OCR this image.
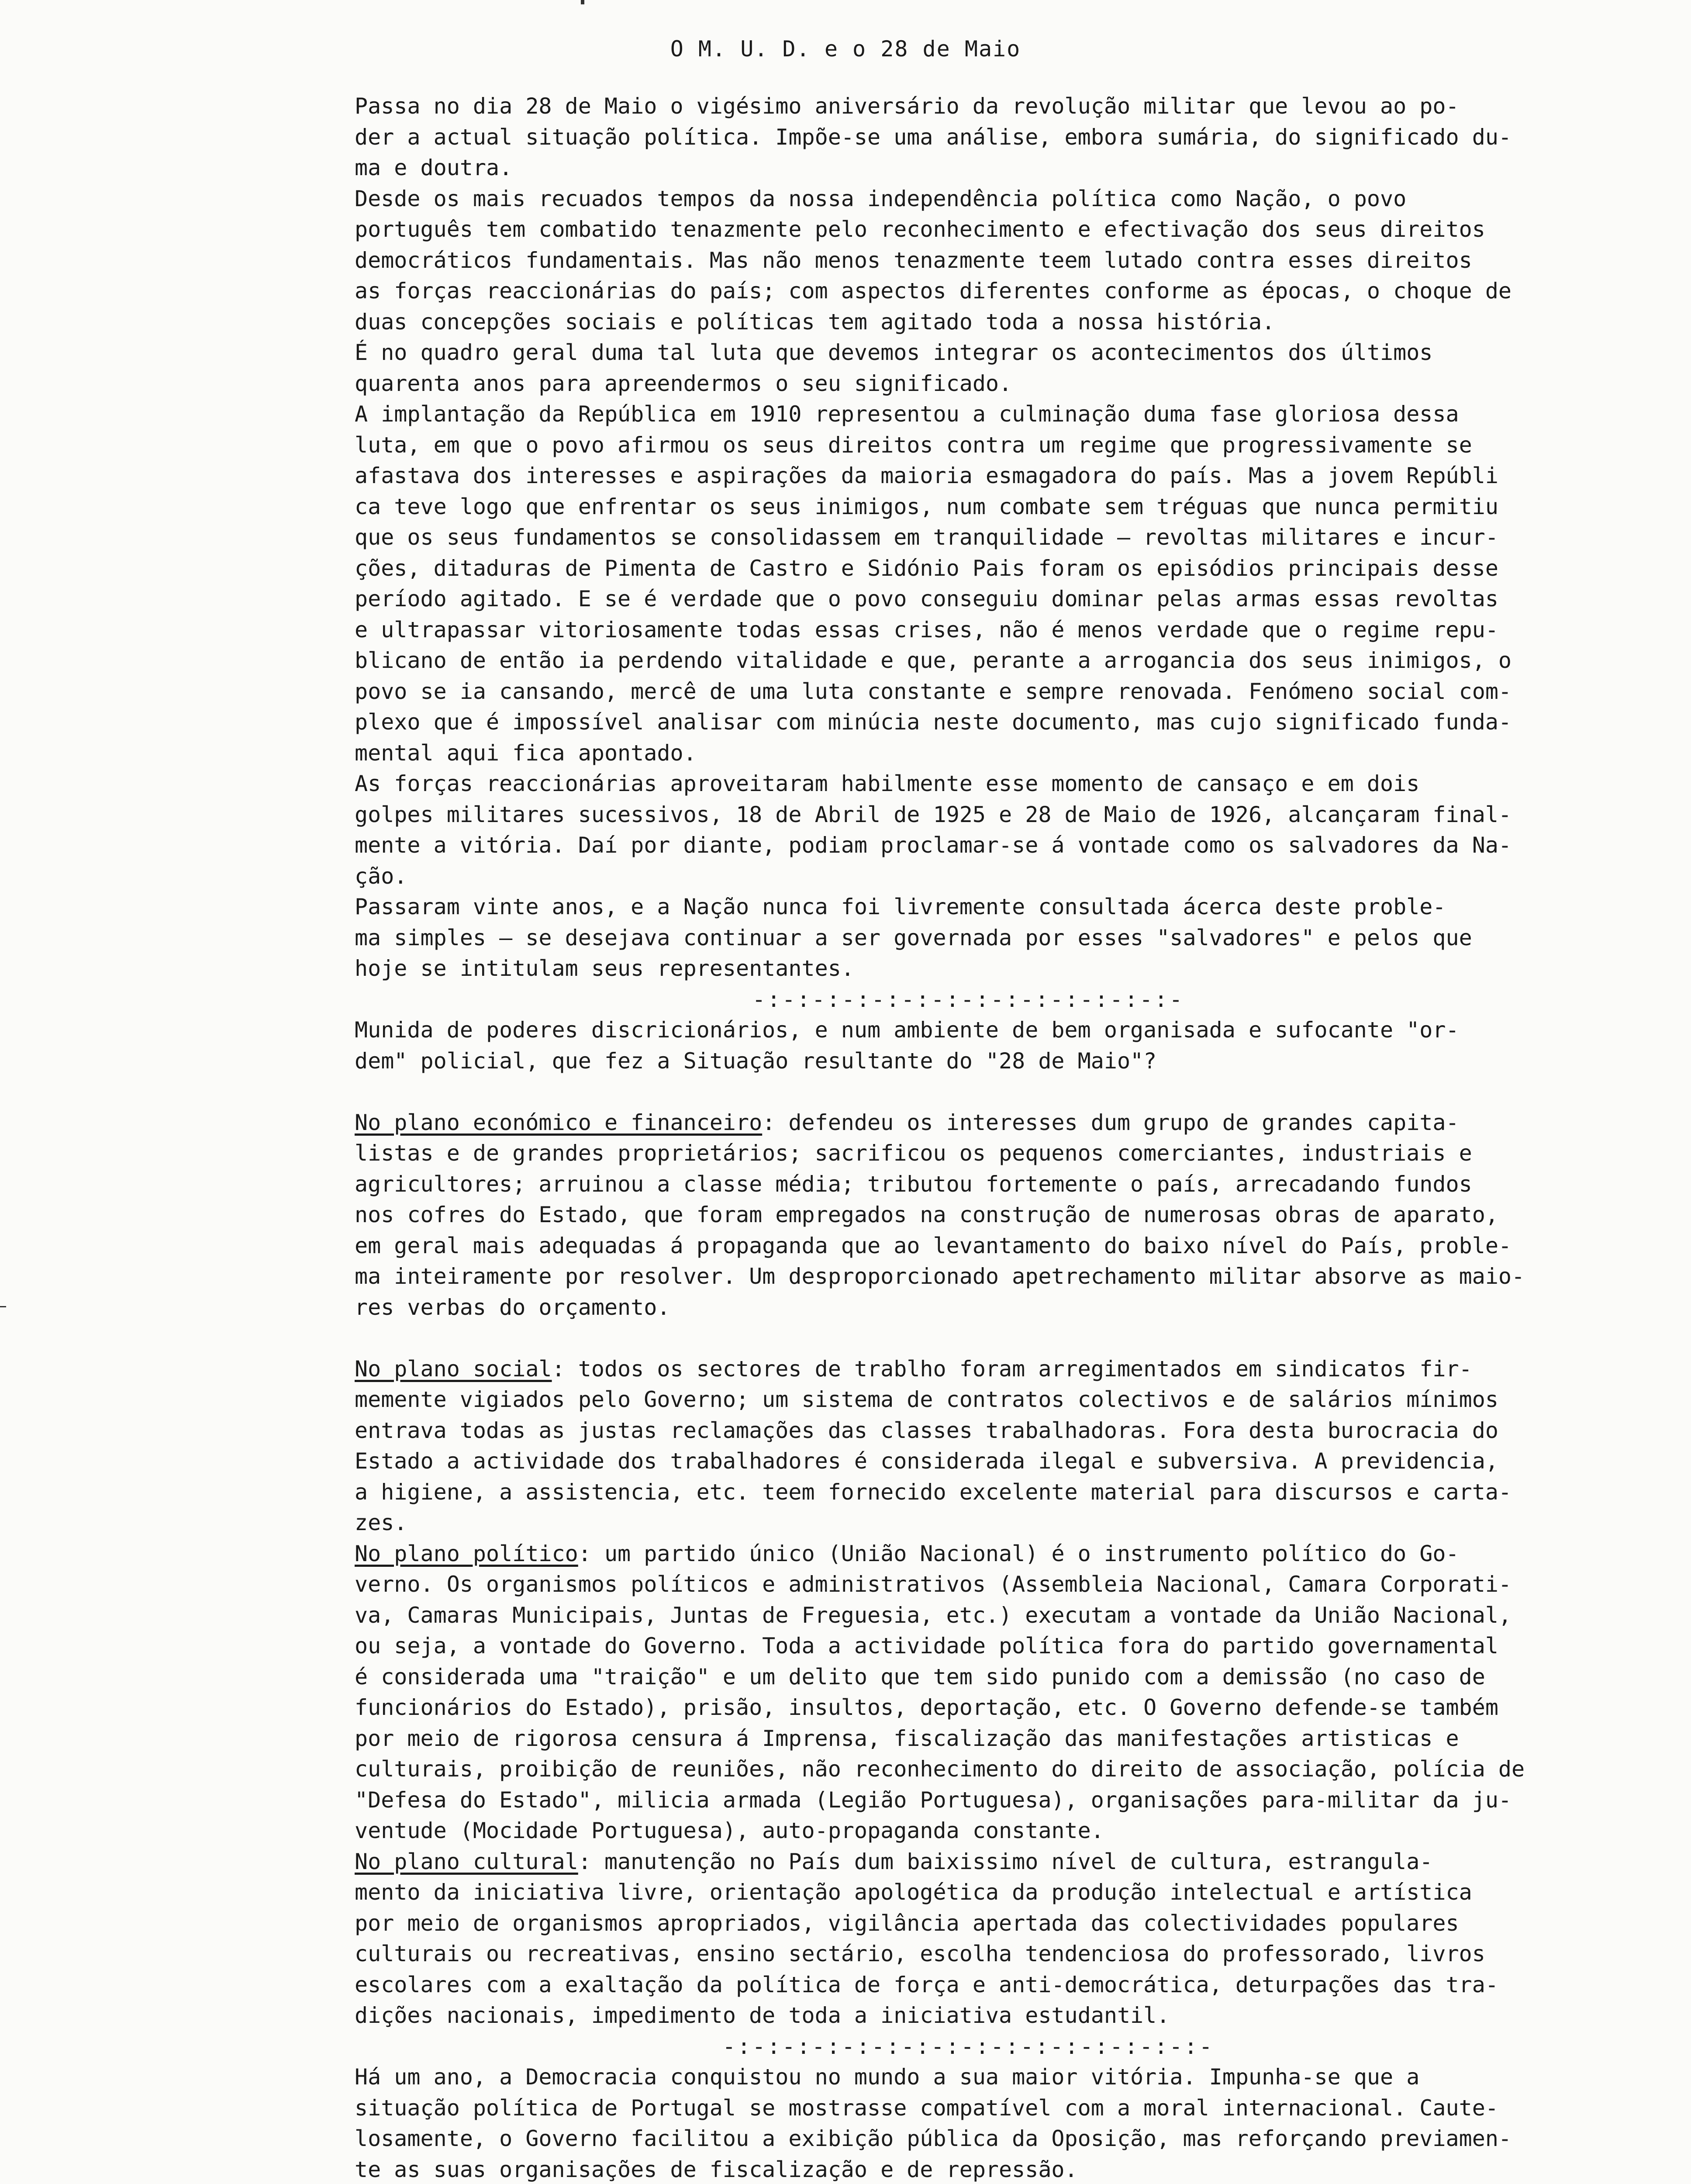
O M. U. D. e o 28 de Maio
Passa no dia 28 de Maio o vigésimo aniversário da revolução militar que levou ao po-
der a actual situação política. Impõe-se uma análise, embora sumária, do significado du-
ma e doutra.
Desde os mais recuados tempos da nossa independência política como Nação, o povo
português tem combatido tenazmente pelo reconhecimento e efectivação dos seus direitos
democráticos fundamentais. Mas não menos tenazmente teem lutado contra esses direitos
as forças reaccionárias do país; com aspectos diferentes conforme as épocas, o choque de
duas concepções sociais e políticas tem agitado toda a nossa história.
É no quadro geral duma tal luta que devemos integrar os acontecimentos dos últimos
quarenta anos para apreendermos o seu significado.
A implantação da República em 1910 representou a culminação duma fase gloriosa dessa
luta, em que o povo afirmou os seus direitos contra um regime que progressivamente se
afastava dos interesses e aspirações da maioria esmagadora do país. Mas a jovem Repúbli
ca teve logo que enfrentar os seus inimigos, num combate sem tréguas que nunca permitiu
que os seus fundamentos se consolidassem em tranquilidade — revoltas militares e incur-
ções, ditaduras de Pimenta de Castro e Sidónio Pais foram os episódios principais desse
período agitado. E se é verdade que o povo conseguiu dominar pelas armas essas revoltas
e ultrapassar vitoriosamente todas essas crises, não é menos verdade que o regime repu-
blicano de então ia perdendo vitalidade e que, perante a arrogancia dos seus inimigos, o
povo se ia cansando, mercê de uma luta constante e sempre renovada. Fenómeno social com-
plexo que é impossível analisar com minúcia neste documento, mas cujo significado funda-
mental aqui fica apontado.
As forças reaccionárias aproveitaram habilmente esse momento de cansaço e em dois
golpes militares sucessivos, 18 de Abril de 1925 e 28 de Maio de 1926, alcançaram final-
mente a vitória. Daí por diante, podiam proclamar-se á vontade como os salvadores da Na-
ção.
Passaram vinte anos, e a Nação nunca foi livremente consultada ácerca deste proble-
ma simples — se desejava continuar a ser governada por esses "salvadores" e pelos que
hoje se intitulam seus representantes.
-:-:-:-:-:-:-:-:-:-:-:-:-:-:-
Munida de poderes discricionários, e num ambiente de bem organisada e sufocante "or-
dem" policial, que fez a Situação resultante do "28 de Maio"?
No plano económico e financeiro: defendeu os interesses dum grupo de grandes capita-
listas e de grandes proprietários; sacrificou os pequenos comerciantes, industriais e
agricultores; arruinou a classe média; tributou fortemente o país, arrecadando fundos
nos cofres do Estado, que foram empregados na construção de numerosas obras de aparato,
em geral mais adequadas á propaganda que ao levantamento do baixo nível do País, proble-
ma inteiramente por resolver. Um desproporcionado apetrechamento militar absorve as maio-
res verbas do orçamento.
No plano social: todos os sectores de trablho foram arregimentados em sindicatos fir-
memente vigiados pelo Governo; um sistema de contratos colectivos e de salários mínimos
entrava todas as justas reclamações das classes trabalhadoras. Fora desta burocracia do
Estado a actividade dos trabalhadores é considerada ilegal e subversiva. A previdencia,
a higiene, a assistencia, etc. teem fornecido excelente material para discursos e carta-
zes.
No plano político: um partido único (União Nacional) é o instrumento político do Go-
verno. Os organismos políticos e administrativos (Assembleia Nacional, Camara Corporati-
va, Camaras Municipais, Juntas de Freguesia, etc.) executam a vontade da União Nacional,
ou seja, a vontade do Governo. Toda a actividade política fora do partido governamental
é considerada uma "traição" e um delito que tem sido punido com a demissão (no caso de
funcionários do Estado), prisão, insultos, deportação, etc. O Governo defende-se também
por meio de rigorosa censura á Imprensa, fiscalização das manifestações artisticas e
culturais, proibição de reuniões, não reconhecimento do direito de associação, polícia de
"Defesa do Estado", milicia armada (Legião Portuguesa), organisações para-militar da ju-
ventude (Mocidade Portuguesa), auto-propaganda constante.
No plano cultural: manutenção no País dum baixissimo nível de cultura, estrangula-
mento da iniciativa livre, orientação apologética da produção intelectual e artística
por meio de organismos apropriados, vigilância apertada das colectividades populares
culturais ou recreativas, ensino sectário, escolha tendenciosa do professorado, livros
escolares com a exaltação da política de força e anti-democrática, deturpações das tra-
dições nacionais, impedimento de toda a iniciativa estudantil.
-:-:-:-:-:-:-:-:-:-:-:-:-:-:-:-:-
Há um ano, a Democracia conquistou no mundo a sua maior vitória. Impunha-se que a
situação política de Portugal se mostrasse compatível com a moral internacional. Caute-
losamente, o Governo facilitou a exibição pública da Oposição, mas reforçando previamen-
te as suas organisações de fiscalização e de repressão.
